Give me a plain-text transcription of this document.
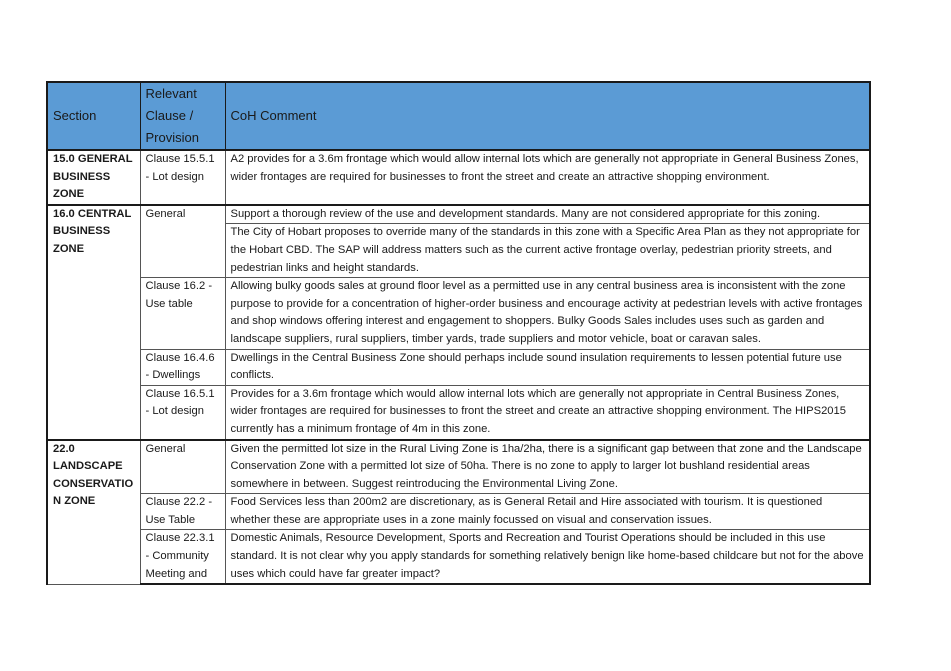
Section	Relevant Clause / Provision	CoH Comment
15.0 GENERAL BUSINESS ZONE	Clause 15.5.1 - Lot design	A2 provides for a 3.6m frontage which would allow internal lots which are generally not appropriate in General Business Zones, wider frontages are required for businesses to front the street and create an attractive shopping environment.
16.0 CENTRAL BUSINESS ZONE	General	Support a thorough review of the use and development standards. Many are not considered appropriate for this zoning.
		The City of Hobart proposes to override many of the standards in this zone with a Specific Area Plan as they not appropriate for the Hobart CBD. The SAP will address matters such as the current active frontage overlay, pedestrian priority streets, and pedestrian links and height standards.
	Clause 16.2 - Use table	Allowing bulky goods sales at ground floor level as a permitted use in any central business area is inconsistent with the zone purpose to provide for a concentration of higher-order business and encourage activity at pedestrian levels with active frontages and shop windows offering interest and engagement to shoppers. Bulky Goods Sales includes uses such as garden and landscape suppliers, rural suppliers, timber yards, trade suppliers and motor vehicle, boat or caravan sales.
	Clause 16.4.6 - Dwellings	Dwellings in the Central Business Zone should perhaps include sound insulation requirements to lessen potential future use conflicts.
	Clause 16.5.1 - Lot design	Provides for a 3.6m frontage which would allow internal lots which are generally not appropriate in Central Business Zones, wider frontages are required for businesses to front the street and create an attractive shopping environment. The HIPS2015 currently has a minimum frontage of 4m in this zone.
22.0 LANDSCAPE CONSERVATIO N ZONE	General	Given the permitted lot size in the Rural Living Zone is 1ha/2ha, there is a significant gap between that zone and the Landscape Conservation Zone with a permitted lot size of 50ha. There is no zone to apply to larger lot bushland residential areas somewhere in between. Suggest reintroducing the Environmental Living Zone.
	Clause 22.2 - Use Table	Food Services less than 200m2 are discretionary, as is General Retail and Hire associated with tourism. It is questioned whether these are appropriate uses in a zone mainly focussed on visual and conservation issues.
	Clause 22.3.1 - Community Meeting and	Domestic Animals, Resource Development, Sports and Recreation and Tourist Operations should be included in this use standard. It is not clear why you apply standards for something relatively benign like home-based childcare but not for the above uses which could have far greater impact?
